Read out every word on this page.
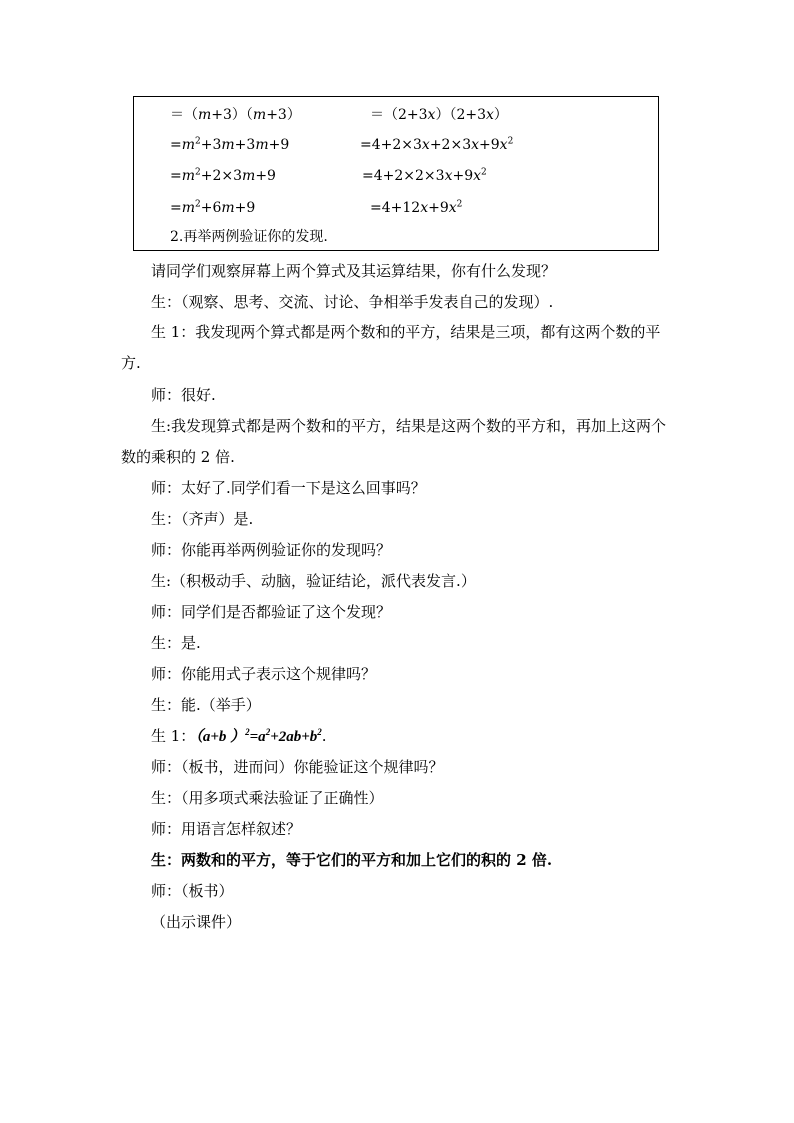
＝（m+3）（m+3）
$=m^2+3m+3m+9$
$=m^2+2\times 3m+9$
$=m^2+6m+9$
＝（2+3x）（2+3x）
$=4+2\times 3x+2\times 3x+9x^2$
$=4+2\times 2\times 3x+9x^2$
$=4+12x+9x^2$
2.再举两例验证你的发现.
请同学们观察屏幕上两个算式及其运算结果，你有什么发现？
生：（观察、思考、交流、讨论、争相举手发表自己的发现）.
生 1：我发现两个算式都是两个数和的平方，结果是三项，都有这两个数的平方.
师：很好.
生:我发现算式都是两个数和的平方，结果是这两个数的平方和，再加上这两个数的乘积的 2 倍.
师：太好了.同学们看一下是这么回事吗？
生：（齐声）是.
师：你能再举两例验证你的发现吗？
生:（积极动手、动脑，验证结论，派代表发言.）
师：同学们是否都验证了这个发现？
生：是.
师：你能用式子表示这个规律吗？
生：能.（举手）
生 1：（a+b ）$^2=a^2+2ab+b^2$.
师：（板书，进而问）你能验证这个规律吗？
生：（用多项式乘法验证了正确性）
师：用语言怎样叙述？
生：两数和的平方，等于它们的平方和加上它们的积的 2 倍.
师：（板书）
（出示课件）
